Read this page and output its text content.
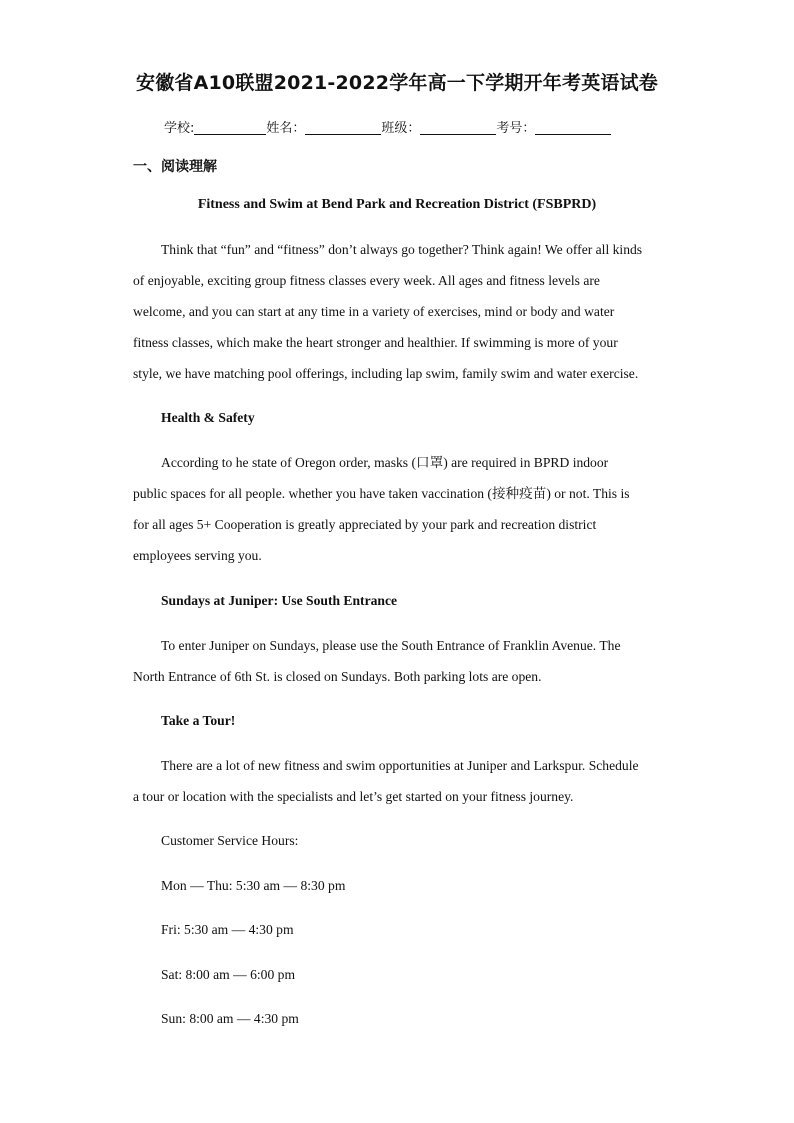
安徽省A10联盟2021-2022学年高一下学期开年考英语试卷
学校:	姓名：	班级：	考号：
一、阅读理解
Fitness and Swim at Bend Park and Recreation District (FSBPRD)
Think that “fun” and “fitness” don’t always go together? Think again! We offer all kinds
of enjoyable, exciting group fitness classes every week. All ages and fitness levels are
welcome, and you can start at any time in a variety of exercises, mind or body and water
fitness classes, which make the heart stronger and healthier. If swimming is more of your
style, we have matching pool offerings, including lap swim, family swim and water exercise.
Health & Safety
According to he state of Oregon order, masks (口罩) are required in BPRD indoor
public spaces for all people. whether you have taken vaccination (接种疫苗) or not. This is
for all ages 5+ Cooperation is greatly appreciated by your park and recreation district
employees serving you.
Sundays at Juniper: Use South Entrance
To enter Juniper on Sundays, please use the South Entrance of Franklin Avenue. The
North Entrance of 6th St. is closed on Sundays. Both parking lots are open.
Take a Tour!
There are a lot of new fitness and swim opportunities at Juniper and Larkspur. Schedule
a tour or location with the specialists and let’s get started on your fitness journey.
Customer Service Hours:
Mon — Thu: 5:30 am — 8:30 pm
Fri: 5:30 am — 4:30 pm
Sat: 8:00 am — 6:00 pm
Sun: 8:00 am — 4:30 pm
